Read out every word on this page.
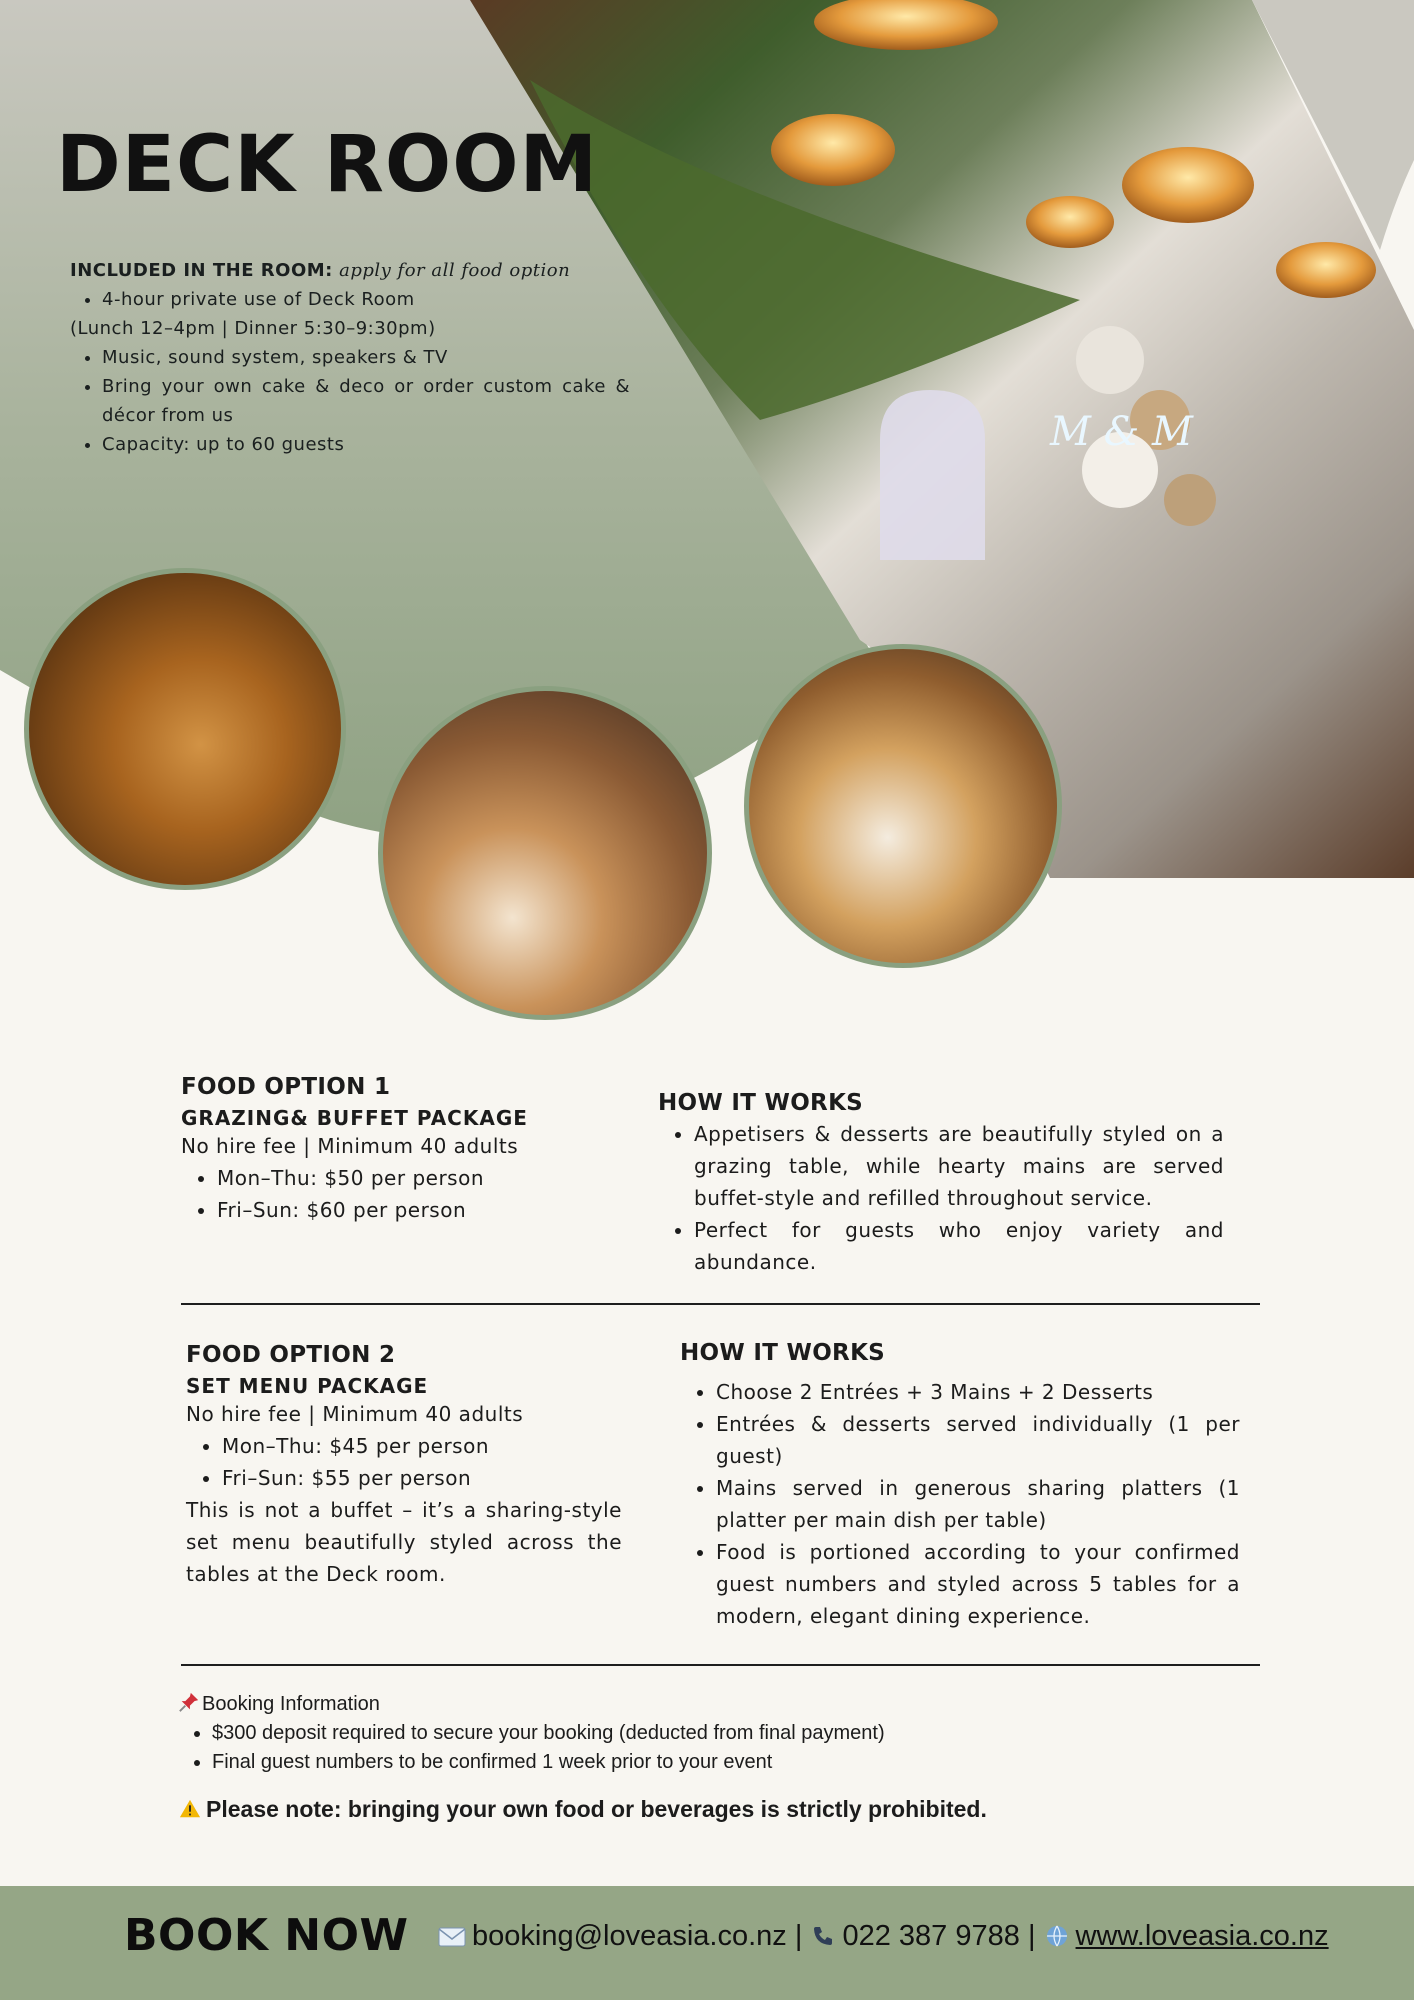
M & M
DECK ROOM
INCLUDED IN THE ROOM: apply for all food option
• 4-hour private use of Deck Room

(Lunch 12–4pm | Dinner 5:30–9:30pm)

• Music, sound system, speakers & TV
• Bring your own cake & deco or order custom cake & décor from us
• Capacity: up to 60 guests

FOOD OPTION 1

GRAZING& BUFFET PACKAGE

No hire fee | Minimum 40 adults
• Mon–Thu: $50 per person
• Fri–Sun: $60 per person

HOW IT WORKS

• Appetisers & desserts are beautifully styled on a grazing table, while hearty mains are served buffet-style and refilled throughout service.
• Perfect for guests who enjoy variety and abundance.

FOOD OPTION 2

SET MENU PACKAGE

No hire fee | Minimum 40 adults
• Mon–Thu: $45 per person
• Fri–Sun: $55 per person
This is not a buffet – it’s a sharing-style set menu beautifully styled across the tables at the Deck room.

HOW IT WORKS

• Choose 2 Entrées + 3 Mains + 2 Desserts
• Entrées & desserts served individually (1 per guest)
• Mains served in generous sharing platters (1 platter per main dish per table)
• Food is portioned according to your confirmed guest numbers and styled across 5 tables for a modern, elegant dining experience.
Booking Information
• $300 deposit required to secure your booking (deducted from final payment)
• Final guest numbers to be confirmed 1 week prior to your event
Please note: bringing your own food or beverages is strictly prohibited.
BOOK NOW	booking@loveasia.co.nz | 022 387 9788 | www.loveasia.co.nz
